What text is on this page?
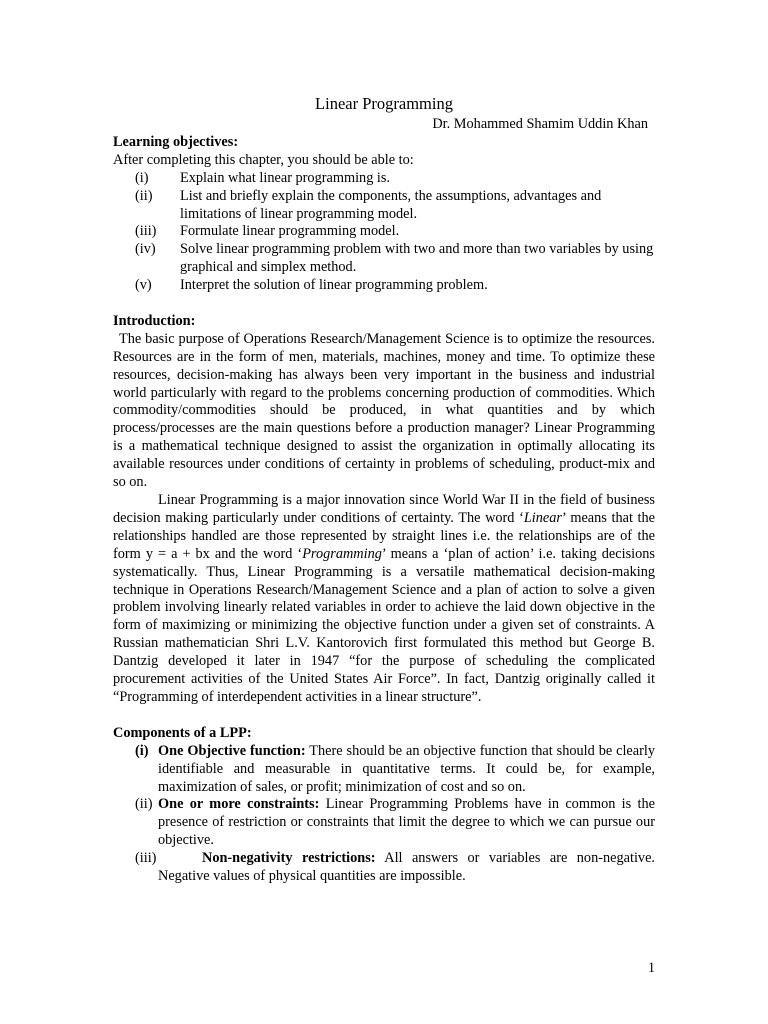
Linear Programming

Dr. Mohammed Shamim Uddin Khan

Learning objectives:

After completing this chapter, you should be able to:

(i)	Explain what linear programming is.
(ii)	List and briefly explain the components, the assumptions, advantages and limitations of linear programming model.
(iii)	Formulate linear programming model.
(iv)	Solve linear programming problem with two and more than two variables by using graphical and simplex method.
(v)	Interpret the solution of linear programming problem.

Introduction:

The basic purpose of Operations Research/Management Science is to optimize the resources. Resources are in the form of men, materials, machines, money and time. To optimize these resources, decision-making has always been very important in the business and industrial world particularly with regard to the problems concerning production of commodities. Which commodity/commodities should be produced, in what quantities and by which process/processes are the main questions before a production manager? Linear Programming is a mathematical technique designed to assist the organization in optimally allocating its available resources under conditions of certainty in problems of scheduling, product-mix and so on.

Linear Programming is a major innovation since World War II in the field of business decision making particularly under conditions of certainty. The word ‘Linear’ means that the relationships handled are those represented by straight lines i.e. the relationships are of the form y = a + bx and the word ‘Programming’ means a ‘plan of action’ i.e. taking decisions systematically. Thus, Linear Programming is a versatile mathematical decision-making technique in Operations Research/Management Science and a plan of action to solve a given problem involving linearly related variables in order to achieve the laid down objective in the form of maximizing or minimizing the objective function under a given set of constraints. A Russian mathematician Shri L.V. Kantorovich first formulated this method but George B. Dantzig developed it later in 1947 “for the purpose of scheduling the complicated procurement activities of the United States Air Force”. In fact, Dantzig originally called it “Programming of interdependent activities in a linear structure”.

Components of a LPP:

(i) One Objective function: There should be an objective function that should be clearly identifiable and measurable in quantitative terms. It could be, for example, maximization of sales, or profit; minimization of cost and so on.
(ii) One or more constraints: Linear Programming Problems have in common is the presence of restriction or constraints that limit the degree to which we can pursue our objective.
(iii)	Non-negativity restrictions: All answers or variables are non-negative. Negative values of physical quantities are impossible.
1
